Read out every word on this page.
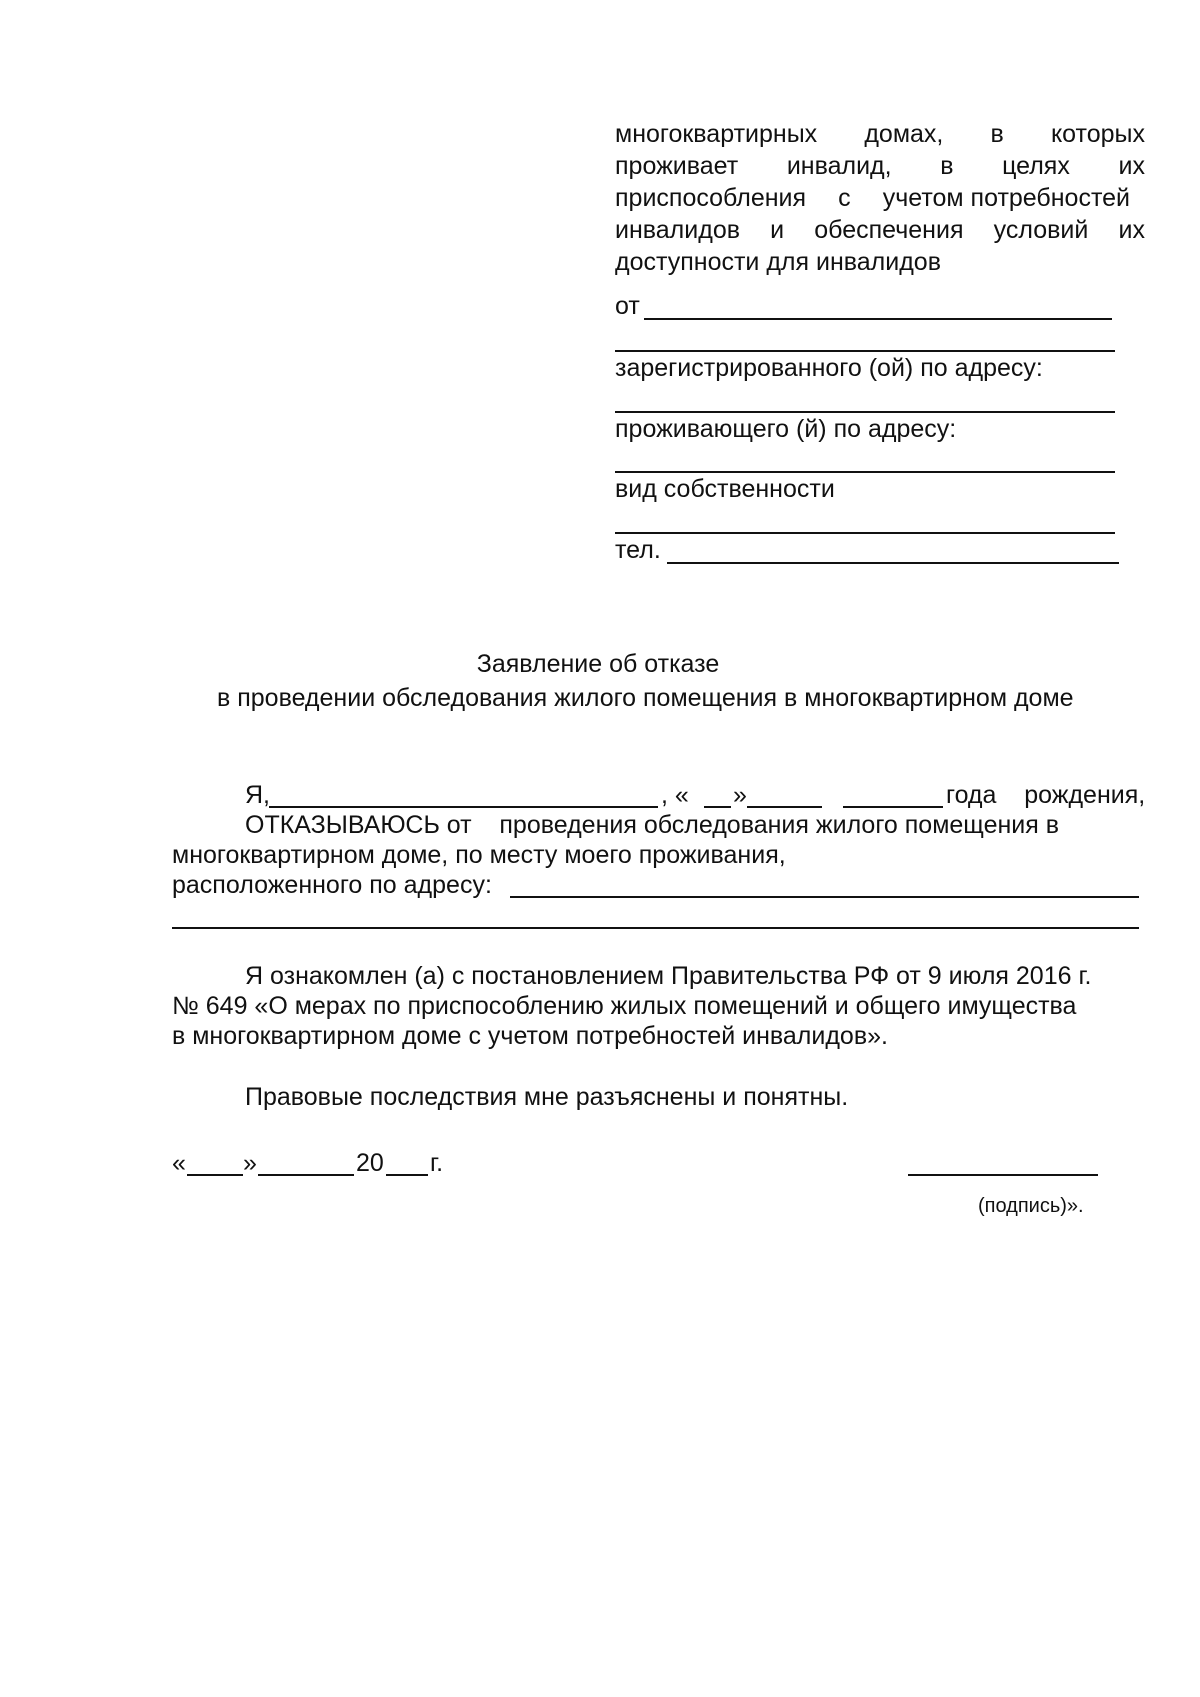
многоквартирных домах, в которых
проживает инвалид, в целях их
приспособления с учетом потребностей
инвалидов и обеспечения условий их
доступности для инвалидов
от
зарегистрированного (ой) по адресу:
проживающего (й) по адресу:
вид собственности
тел.
Заявление об отказе
в проведении обследования жилого помещения в многоквартирном доме
Я,	, « »	года    рождения,
ОТКАЗЫВАЮСЬ от    проведения обследования жилого помещения в
многоквартирном доме, по месту моего проживания,
расположенного по адресу:
Я ознакомлен (а) с постановлением Правительства РФ от 9 июля 2016 г.
№ 649 «О мерах по приспособлению жилых помещений и общего имущества
в многоквартирном доме с учетом потребностей инвалидов».
Правовые последствия мне разъяснены и понятны.
« »	20 г.
(подпись)».
